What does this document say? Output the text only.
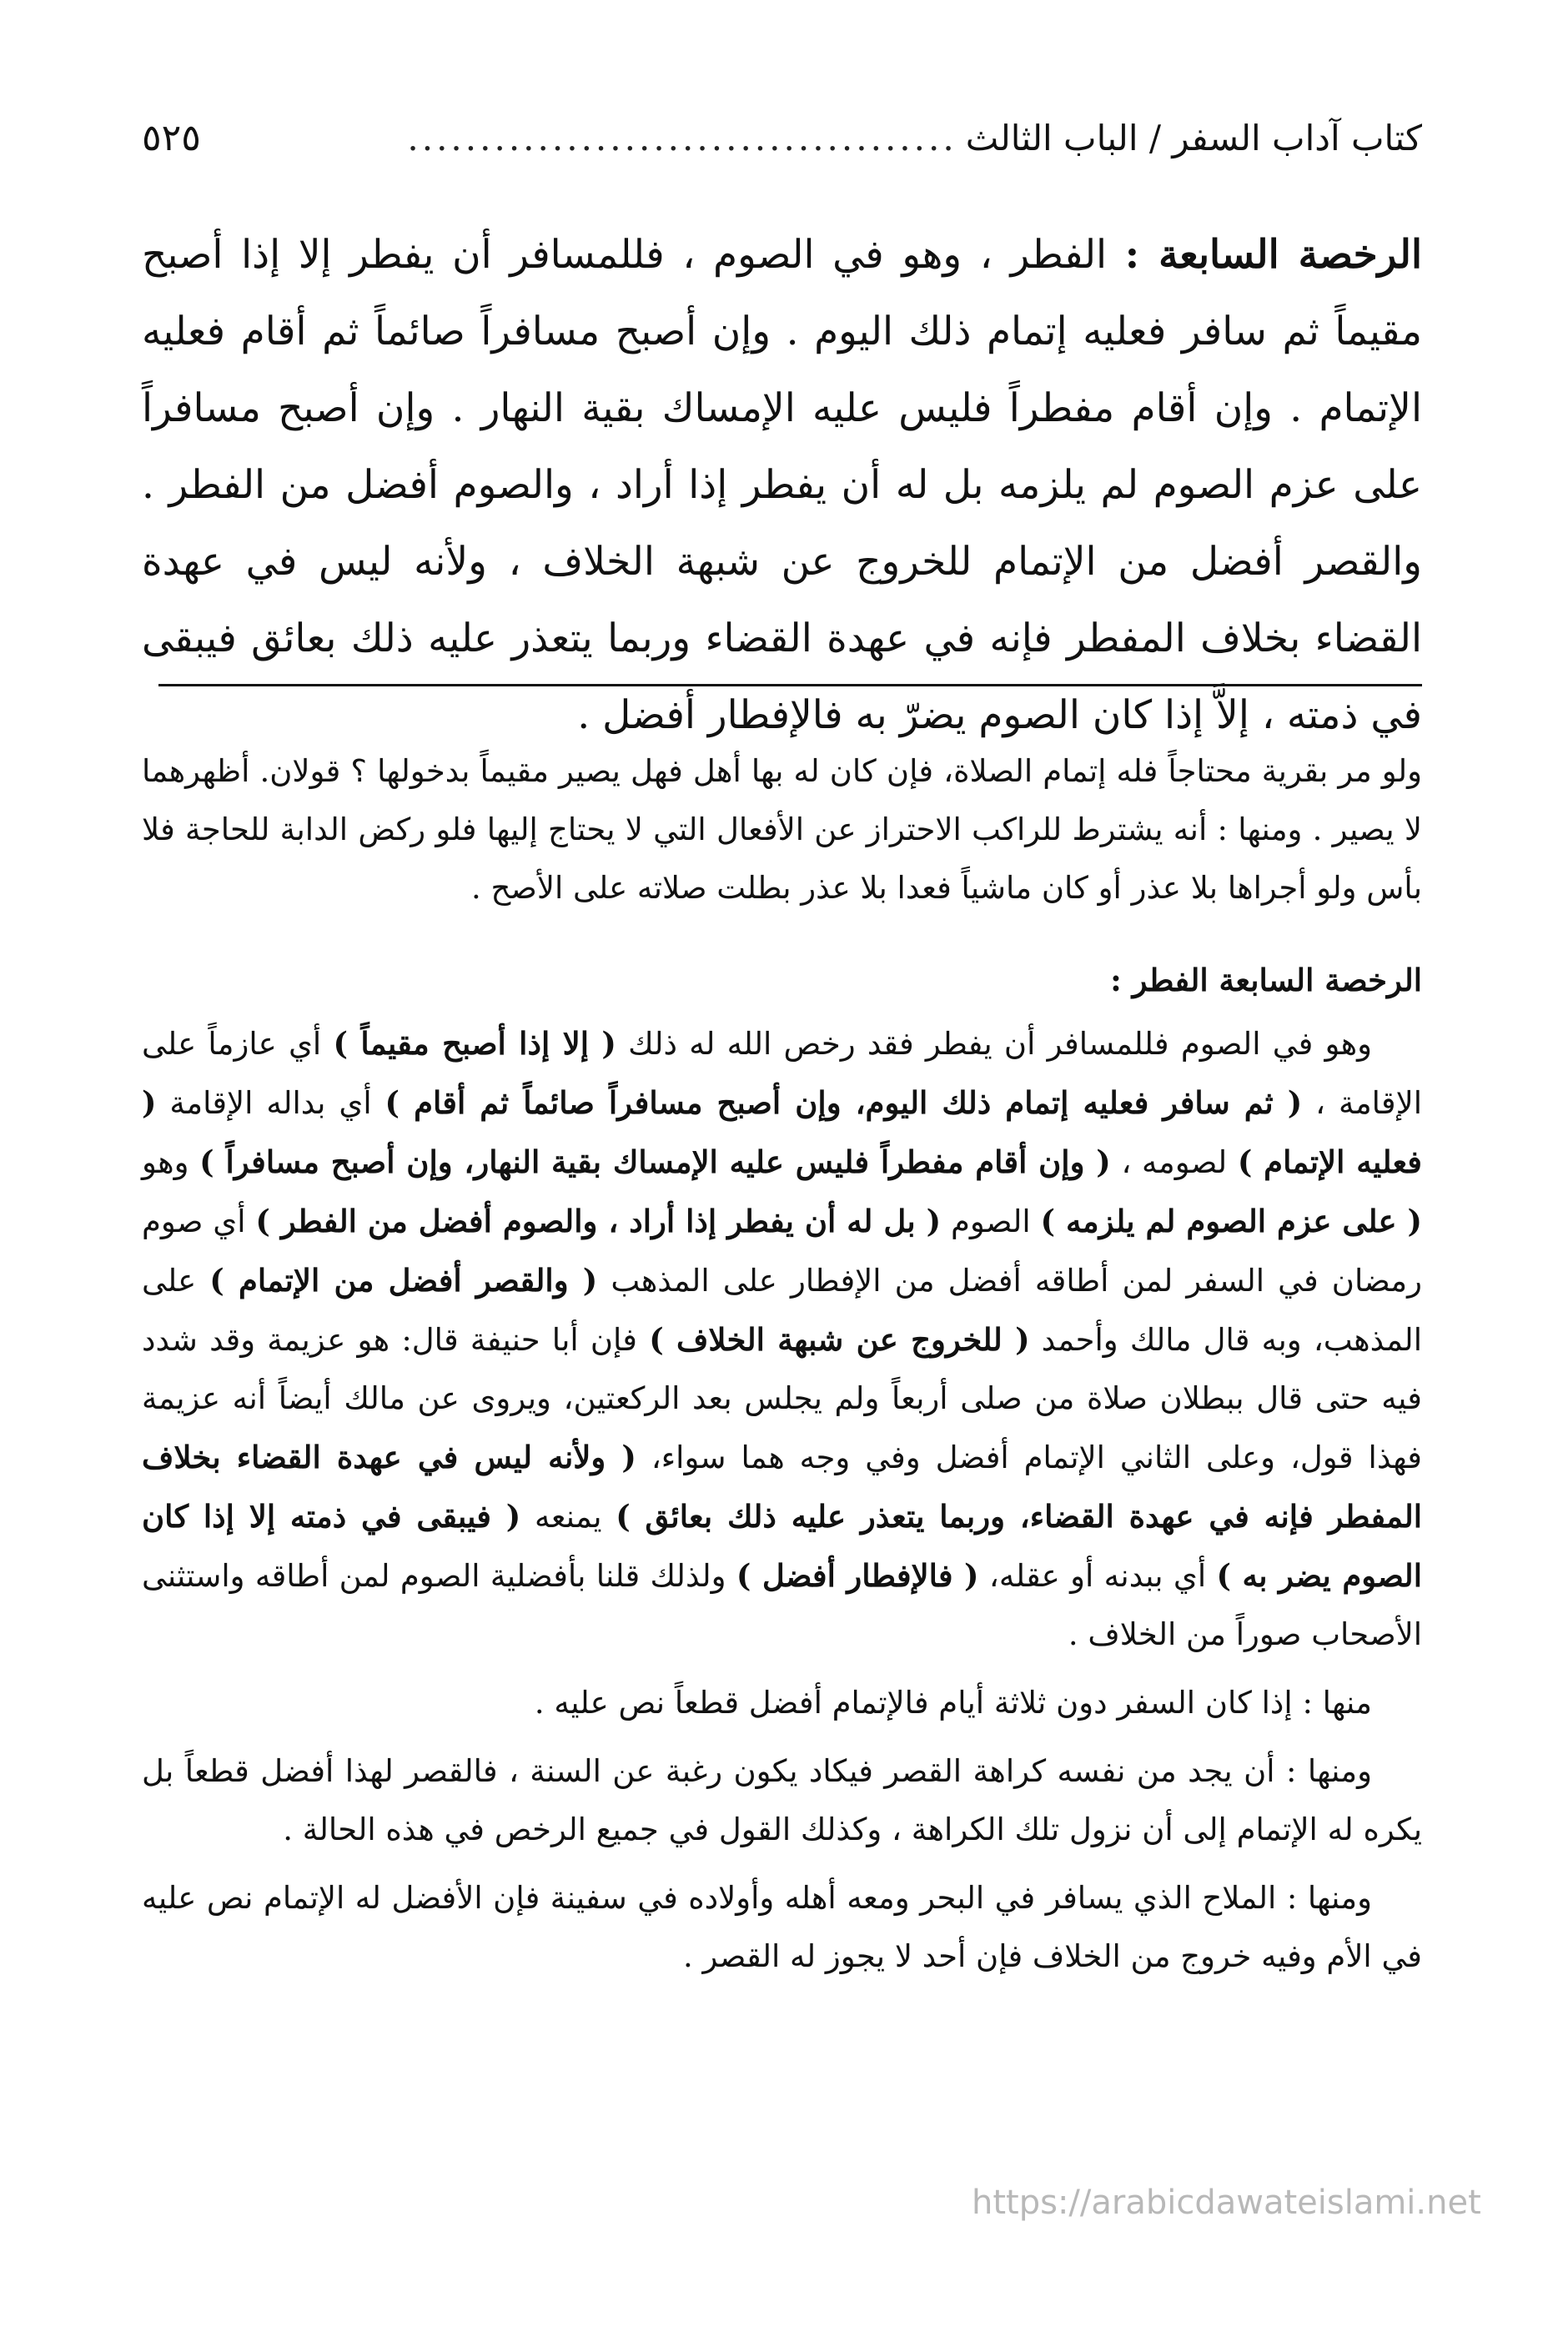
كتاب آداب السفر / الباب الثالث
......................................
٥٢٥
الرخصة السابعة : الفطر ، وهو في الصوم ، فللمسافر أن يفطر إلا إذا أصبح مقيماً ثم سافر فعليه إتمام ذلك اليوم . وإن أصبح مسافراً صائماً ثم أقام فعليه الإتمام . وإن أقام مفطراً فليس عليه الإمساك بقية النهار . وإن أصبح مسافراً على عزم الصوم لم يلزمه بل له أن يفطر إذا أراد ، والصوم أفضل من الفطر . والقصر أفضل من الإتمام للخروج عن شبهة الخلاف ، ولأنه ليس في عهدة القضاء بخلاف المفطر فإنه في عهدة القضاء وربما يتعذر عليه ذلك بعائق فيبقى في ذمته ، إلاَّ إذا كان الصوم يضرّ به فالإفطار أفضل .

ولو مر بقرية محتاجاً فله إتمام الصلاة، فإن كان له بها أهل فهل يصير مقيماً بدخولها ؟ قولان. أظهرهما لا يصير . ومنها : أنه يشترط للراكب الاحتراز عن الأفعال التي لا يحتاج إليها فلو ركض الدابة للحاجة فلا بأس ولو أجراها بلا عذر أو كان ماشياً فعدا بلا عذر بطلت صلاته على الأصح .

الرخصة السابعة الفطر :

وهو في الصوم فللمسافر أن يفطر فقد رخص الله له ذلك ( إلا إذا أصبح مقيماً ) أي عازماً على الإقامة ، ( ثم سافر فعليه إتمام ذلك اليوم، وإن أصبح مسافراً صائماً ثم أقام ) أي بداله الإقامة ( فعليه الإتمام ) لصومه ، ( وإن أقام مفطراً فليس عليه الإمساك بقية النهار، وإن أصبح مسافراً ) وهو ( على عزم الصوم لم يلزمه ) الصوم ( بل له أن يفطر إذا أراد ، والصوم أفضل من الفطر ) أي صوم رمضان في السفر لمن أطاقه أفضل من الإفطار على المذهب ( والقصر أفضل من الإتمام ) على المذهب، وبه قال مالك وأحمد ( للخروج عن شبهة الخلاف ) فإن أبا حنيفة قال: هو عزيمة وقد شدد فيه حتى قال ببطلان صلاة من صلى أربعاً ولم يجلس بعد الركعتين، ويروى عن مالك أيضاً أنه عزيمة فهذا قول، وعلى الثاني الإتمام أفضل وفي وجه هما سواء، ( ولأنه ليس في عهدة القضاء بخلاف المفطر فإنه في عهدة القضاء، وربما يتعذر عليه ذلك بعائق ) يمنعه ( فيبقى في ذمته إلا إذا كان الصوم يضر به ) أي ببدنه أو عقله، ( فالإفطار أفضل ) ولذلك قلنا بأفضلية الصوم لمن أطاقه واستثنى الأصحاب صوراً من الخلاف .

منها : إذا كان السفر دون ثلاثة أيام فالإتمام أفضل قطعاً نص عليه .

ومنها : أن يجد من نفسه كراهة القصر فيكاد يكون رغبة عن السنة ، فالقصر لهذا أفضل قطعاً بل يكره له الإتمام إلى أن نزول تلك الكراهة ، وكذلك القول في جميع الرخص في هذه الحالة .

ومنها : الملاح الذي يسافر في البحر ومعه أهله وأولاده في سفينة فإن الأفضل له الإتمام نص عليه في الأم وفيه خروج من الخلاف فإن أحد لا يجوز له القصر .

https://arabicdawateislami.net
